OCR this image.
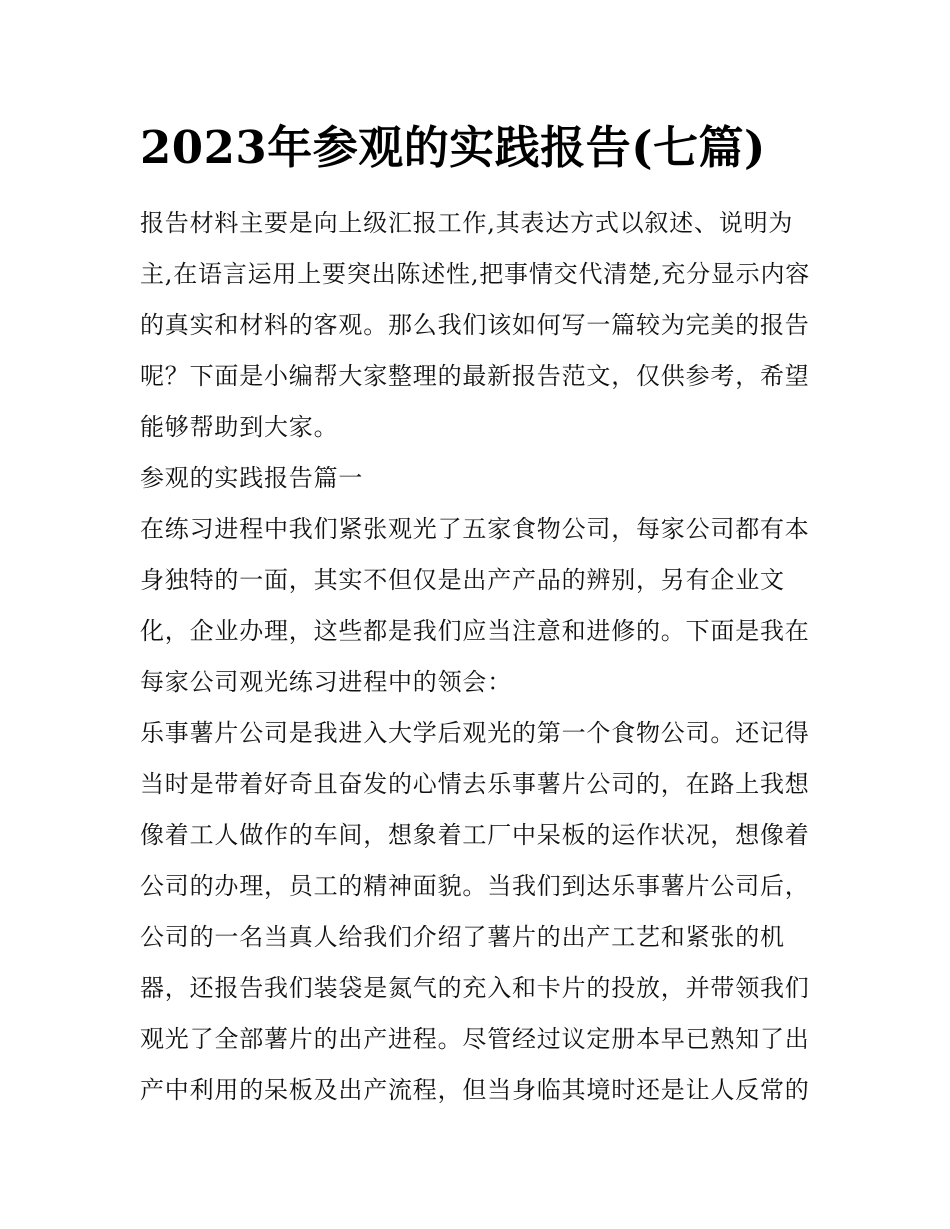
2023年参观的实践报告(七篇)

报告材料主要是向上级汇报工作,其表达方式以叙述、说明为

主,在语言运用上要突出陈述性,把事情交代清楚,充分显示内容

的真实和材料的客观。那么我们该如何写一篇较为完美的报告

呢？下面是小编帮大家整理的最新报告范文，仅供参考，希望

能够帮助到大家。

参观的实践报告篇一

在练习进程中我们紧张观光了五家食物公司，每家公司都有本

身独特的一面，其实不但仅是出产产品的辨别，另有企业文

化，企业办理，这些都是我们应当注意和进修的。下面是我在

每家公司观光练习进程中的领会：

乐事薯片公司是我进入大学后观光的第一个食物公司。还记得

当时是带着好奇且奋发的心情去乐事薯片公司的，在路上我想

像着工人做作的车间，想象着工厂中呆板的运作状况，想像着

公司的办理，员工的精神面貌。当我们到达乐事薯片公司后，

公司的一名当真人给我们介绍了薯片的出产工艺和紧张的机

器，还报告我们装袋是氮气的充入和卡片的投放，并带领我们

观光了全部薯片的出产进程。尽管经过议定册本早已熟知了出

产中利用的呆板及出产流程，但当身临其境时还是让人反常的
